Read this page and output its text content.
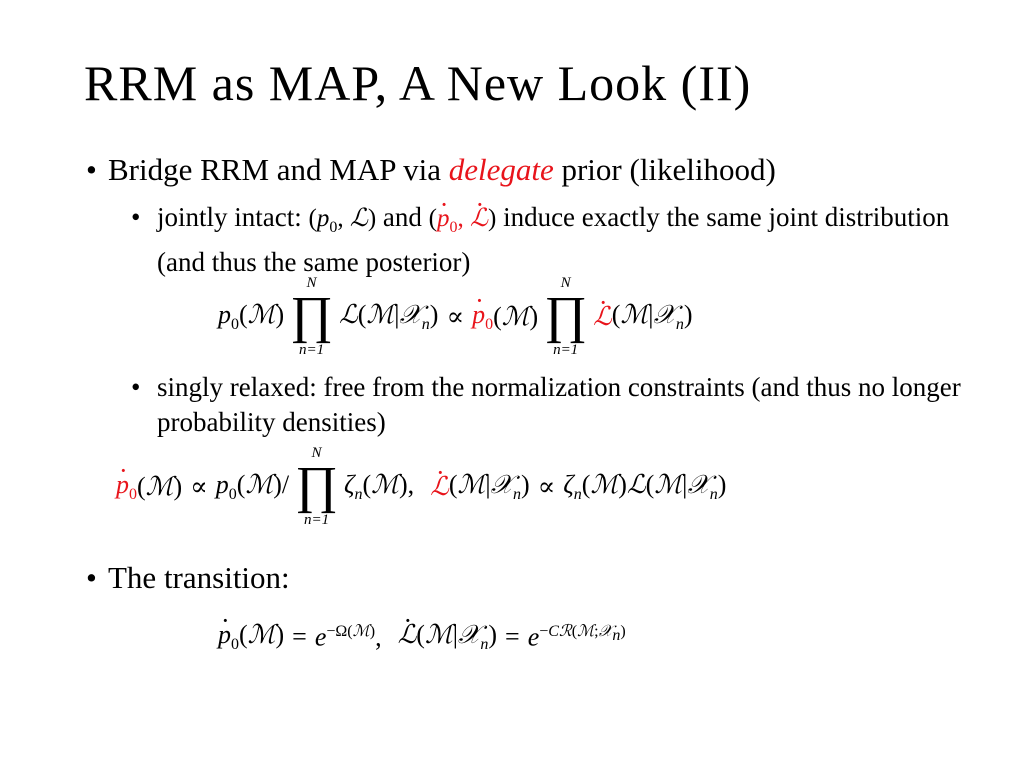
RRM as MAP, A New Look (II)
• Bridge RRM and MAP via delegate prior (likelihood)
• jointly intact: ($p_0$, ℒ) and (· $p_0$, · ℒ) induce exactly the same joint distribution (and thus the same posterior)
$p_0(ℳ)$
N
∏
n=1
ℒ(ℳ|𝒳$_n$) ∝ · $p_0$ (ℳ)
N
∏
n=1
· ℒ (ℳ|𝒳$_n$)
• singly relaxed: free from the normalization constraints (and thus no longer probability densities)
· $p_0$ (ℳ) ∝ $p_0(ℳ)/$
N
∏
n=1
$\zeta_n(ℳ)$, · ℒ (ℳ|𝒳$_n$) ∝ $\zeta_n(ℳ)ℒ(ℳ|𝒳_n)$
• The transition:
· $p_0(ℳ) = e^{-\Omega(ℳ)}$, · ℒ(ℳ|𝒳$_n$) = $e^{-Cℛ(ℳ;𝒳_n)}$
